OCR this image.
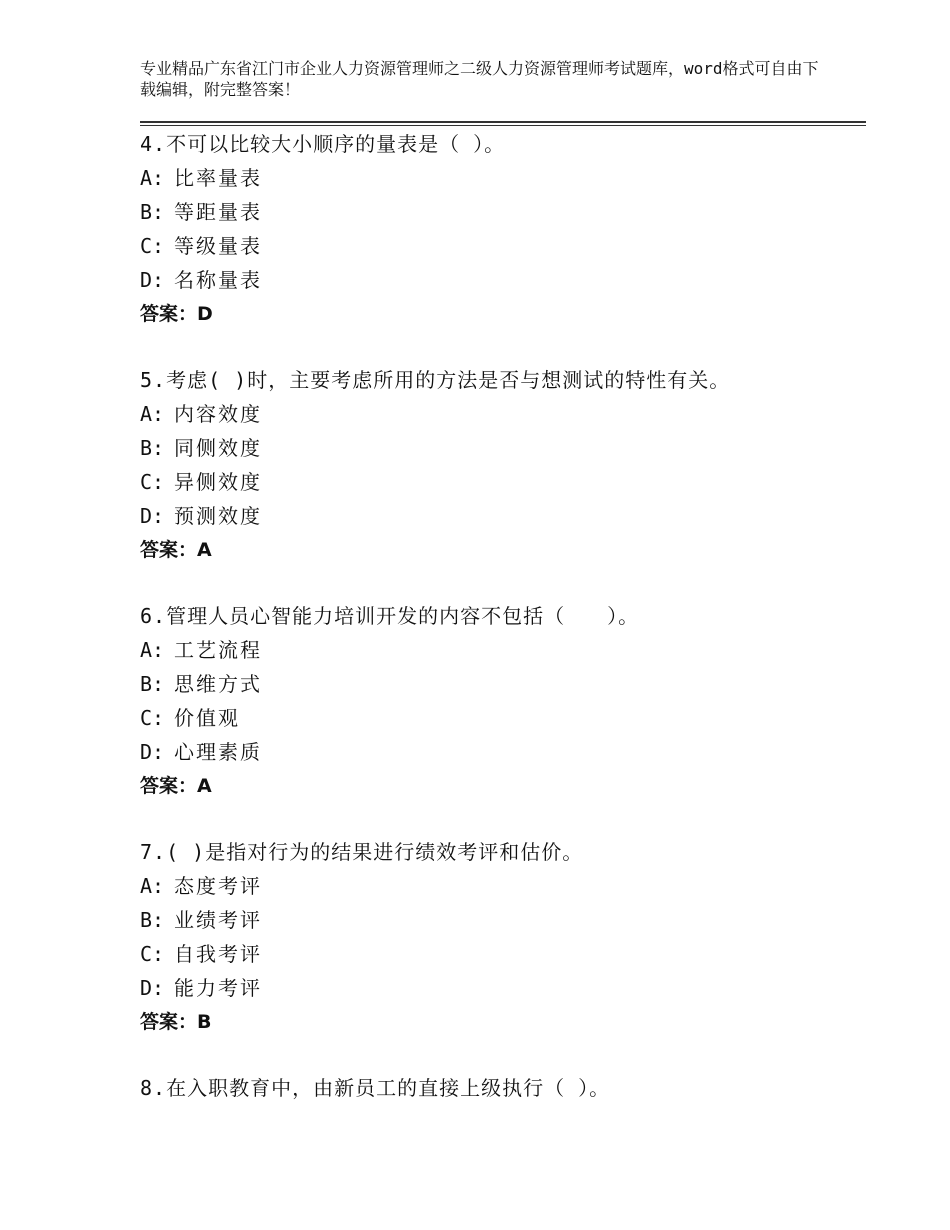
专业精品广东省江门市企业人力资源管理师之二级人力资源管理师考试题库，word格式可自由下载编辑，附完整答案！
4.不可以比较大小顺序的量表是（ ）。
A: 比率量表
B: 等距量表
C: 等级量表
D: 名称量表
答案：D
5.考虑( )时，主要考虑所用的方法是否与想测试的特性有关。
A: 内容效度
B: 同侧效度
C: 异侧效度
D: 预测效度
答案：A
6.管理人员心智能力培训开发的内容不包括（　　）。
A: 工艺流程
B: 思维方式
C: 价值观
D: 心理素质
答案：A
7.( )是指对行为的结果进行绩效考评和估价。
A: 态度考评
B: 业绩考评
C: 自我考评
D: 能力考评
答案：B
8.在入职教育中，由新员工的直接上级执行（ ）。
